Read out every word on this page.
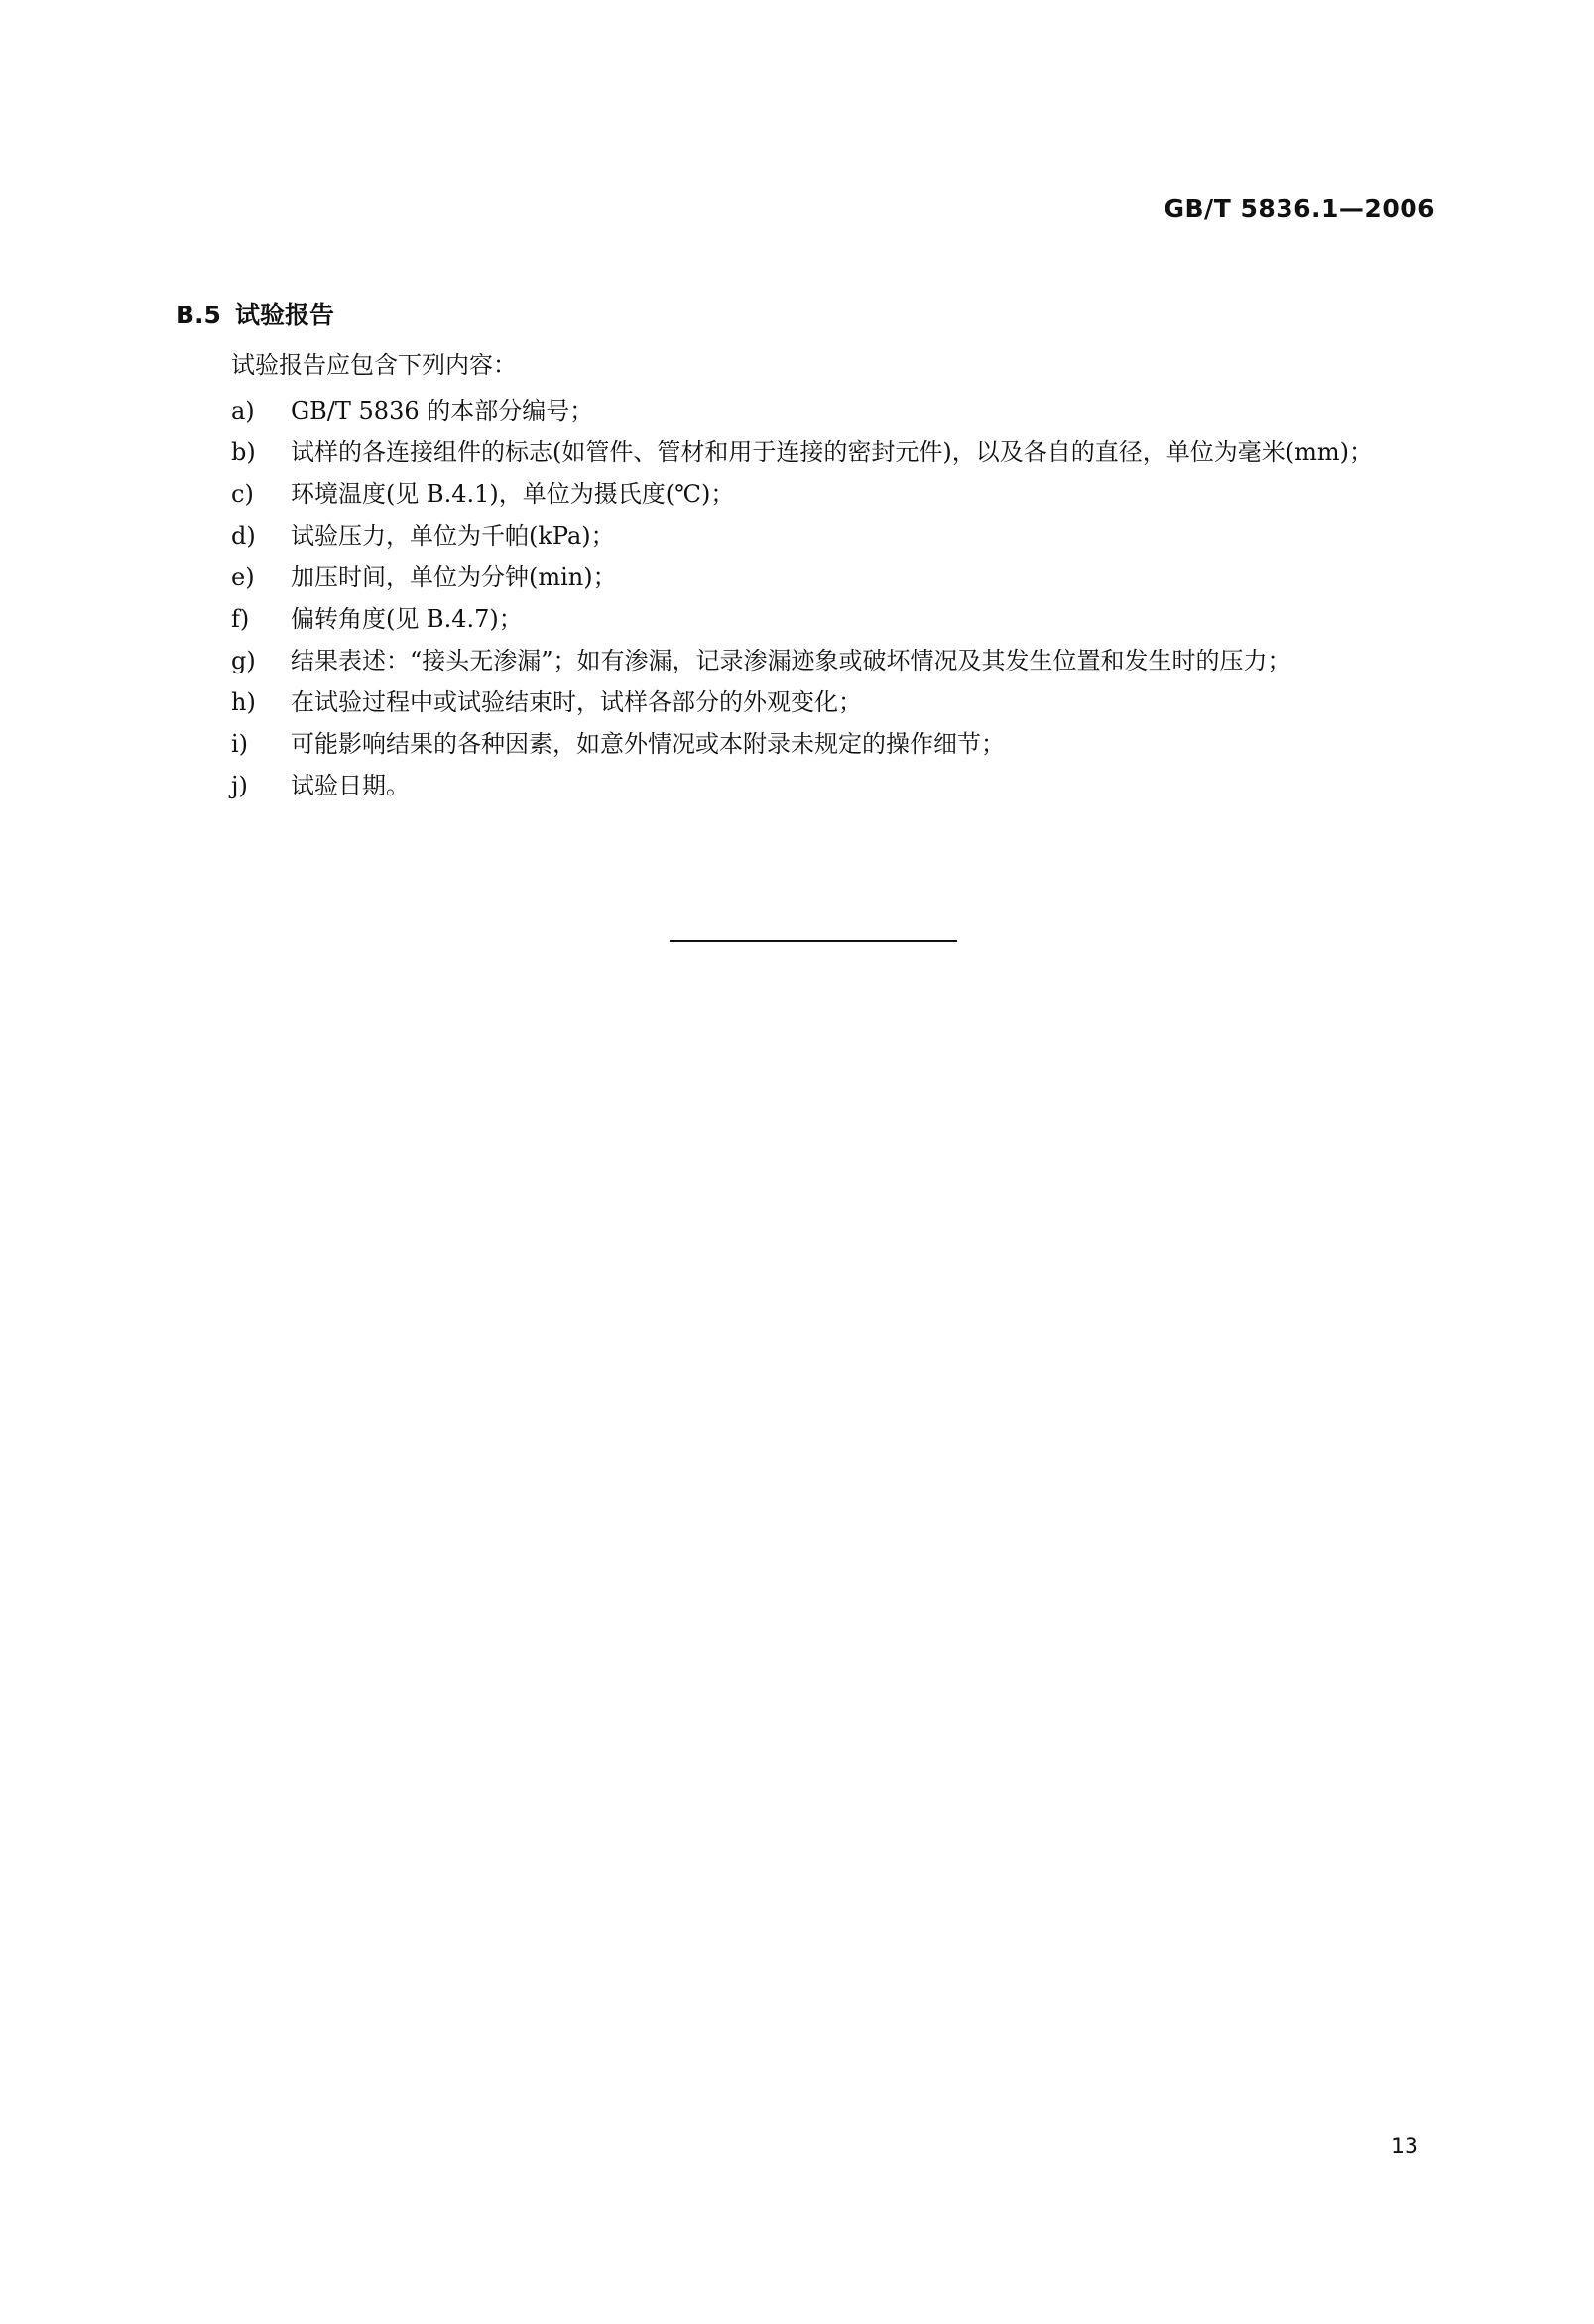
GB/T 5836.1—2006
B.5 试验报告
试验报告应包含下列内容：
a) GB/T 5836 的本部分编号；
b) 试样的各连接组件的标志(如管件、管材和用于连接的密封元件)，以及各自的直径，单位为毫米(mm)；
c) 环境温度(见 B.4.1)，单位为摄氏度(℃)；
d) 试验压力，单位为千帕(kPa)；
e) 加压时间，单位为分钟(min)；
f) 偏转角度(见 B.4.7)；
g) 结果表述：“接头无渗漏”；如有渗漏，记录渗漏迹象或破坏情况及其发生位置和发生时的压力；
h) 在试验过程中或试验结束时，试样各部分的外观变化；
i) 可能影响结果的各种因素，如意外情况或本附录未规定的操作细节；
j) 试验日期。
13
